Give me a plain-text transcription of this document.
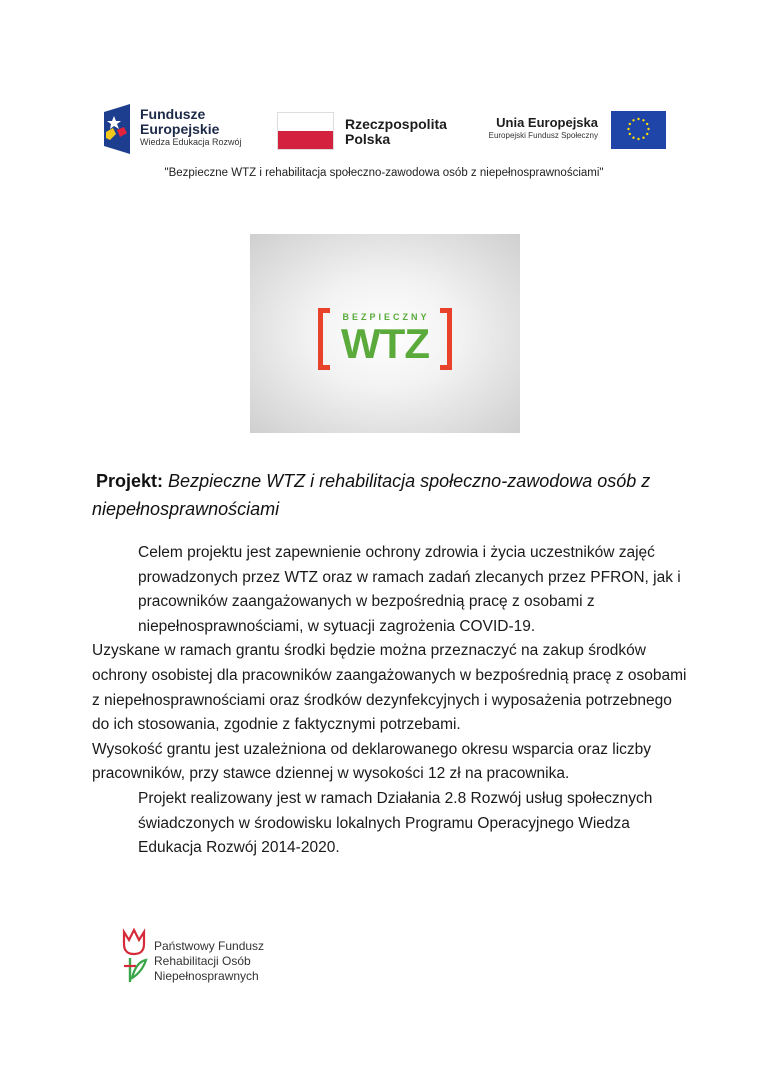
Fundusze
Europejskie
Wiedza Edukacja Rozwój
Rzeczpospolita
Polska
Unia Europejska
Europejski Fundusz Społeczny
"Bezpieczne WTZ i rehabilitacja społeczno-zawodowa osób z niepełnosprawnościami"
BEZPIECZNY
WTZ
Projekt: Bezpieczne WTZ i rehabilitacja społeczno-zawodowa osób z niepełnosprawnościami

Celem projektu jest zapewnienie ochrony zdrowia i życia uczestników zajęć prowadzonych przez WTZ oraz w ramach zadań zlecanych przez PFRON, jak i pracowników zaangażowanych w bezpośrednią pracę z osobami z niepełnosprawnościami, w sytuacji zagrożenia COVID-19.

Uzyskane w ramach grantu środki będzie można przeznaczyć na zakup środków ochrony osobistej dla pracowników zaangażowanych w bezpośrednią pracę z osobami z niepełnosprawnościami oraz środków dezynfekcyjnych i wyposażenia potrzebnego do ich stosowania, zgodnie z faktycznymi potrzebami.

Wysokość grantu jest uzależniona od deklarowanego okresu wsparcia oraz liczby pracowników, przy stawce dziennej w wysokości 12 zł na pracownika.

Projekt realizowany jest w ramach Działania 2.8 Rozwój usług społecznych świadczonych w środowisku lokalnych Programu Operacyjnego Wiedza Edukacja Rozwój 2014-2020.

Państwowy Fundusz
Rehabilitacji Osób
Niepełnosprawnych
